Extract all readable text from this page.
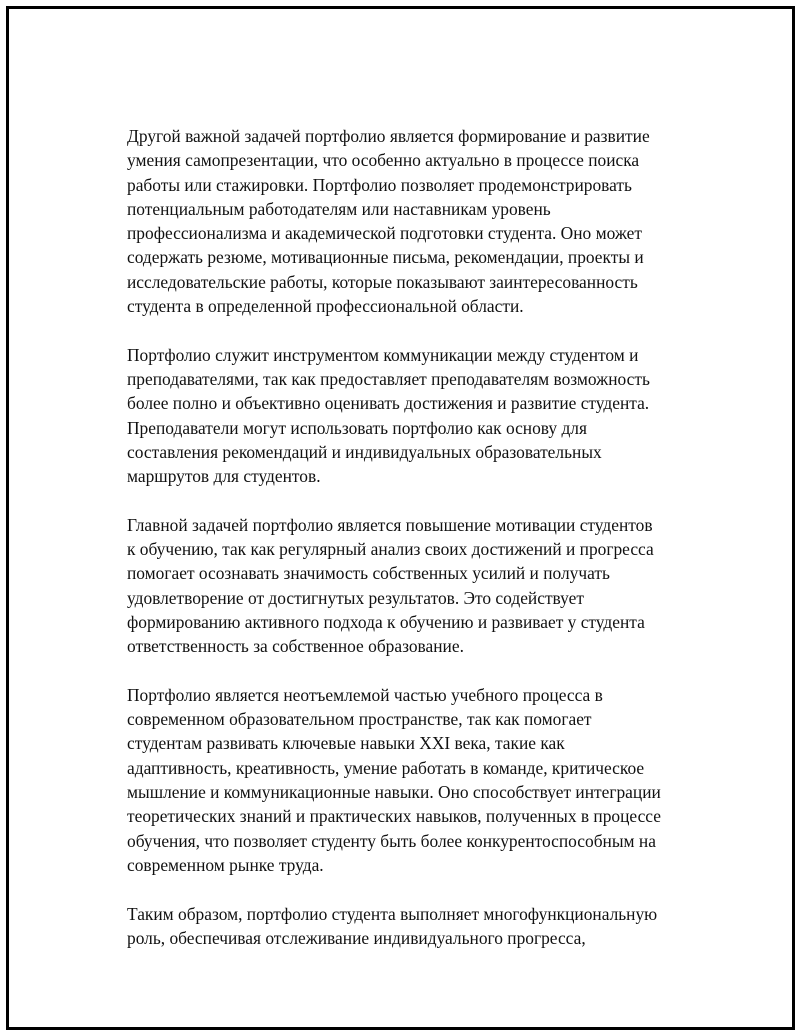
Другой важной задачей портфолио является формирование и развитие
умения самопрезентации, что особенно актуально в процессе поиска
работы или стажировки. Портфолио позволяет продемонстрировать
потенциальным работодателям или наставникам уровень
профессионализма и академической подготовки студента. Оно может
содержать резюме, мотивационные письма, рекомендации, проекты и
исследовательские работы, которые показывают заинтересованность
студента в определенной профессиональной области.

Портфолио служит инструментом коммуникации между студентом и
преподавателями, так как предоставляет преподавателям возможность
более полно и объективно оценивать достижения и развитие студента.
Преподаватели могут использовать портфолио как основу для
составления рекомендаций и индивидуальных образовательных
маршрутов для студентов.

Главной задачей портфолио является повышение мотивации студентов
к обучению, так как регулярный анализ своих достижений и прогресса
помогает осознавать значимость собственных усилий и получать
удовлетворение от достигнутых результатов. Это содействует
формированию активного подхода к обучению и развивает у студента
ответственность за собственное образование.

Портфолио является неотъемлемой частью учебного процесса в
современном образовательном пространстве, так как помогает
студентам развивать ключевые навыки XXI века, такие как
адаптивность, креативность, умение работать в команде, критическое
мышление и коммуникационные навыки. Оно способствует интеграции
теоретических знаний и практических навыков, полученных в процессе
обучения, что позволяет студенту быть более конкурентоспособным на
современном рынке труда.

Таким образом, портфолио студента выполняет многофункциональную
роль, обеспечивая отслеживание индивидуального прогресса,
